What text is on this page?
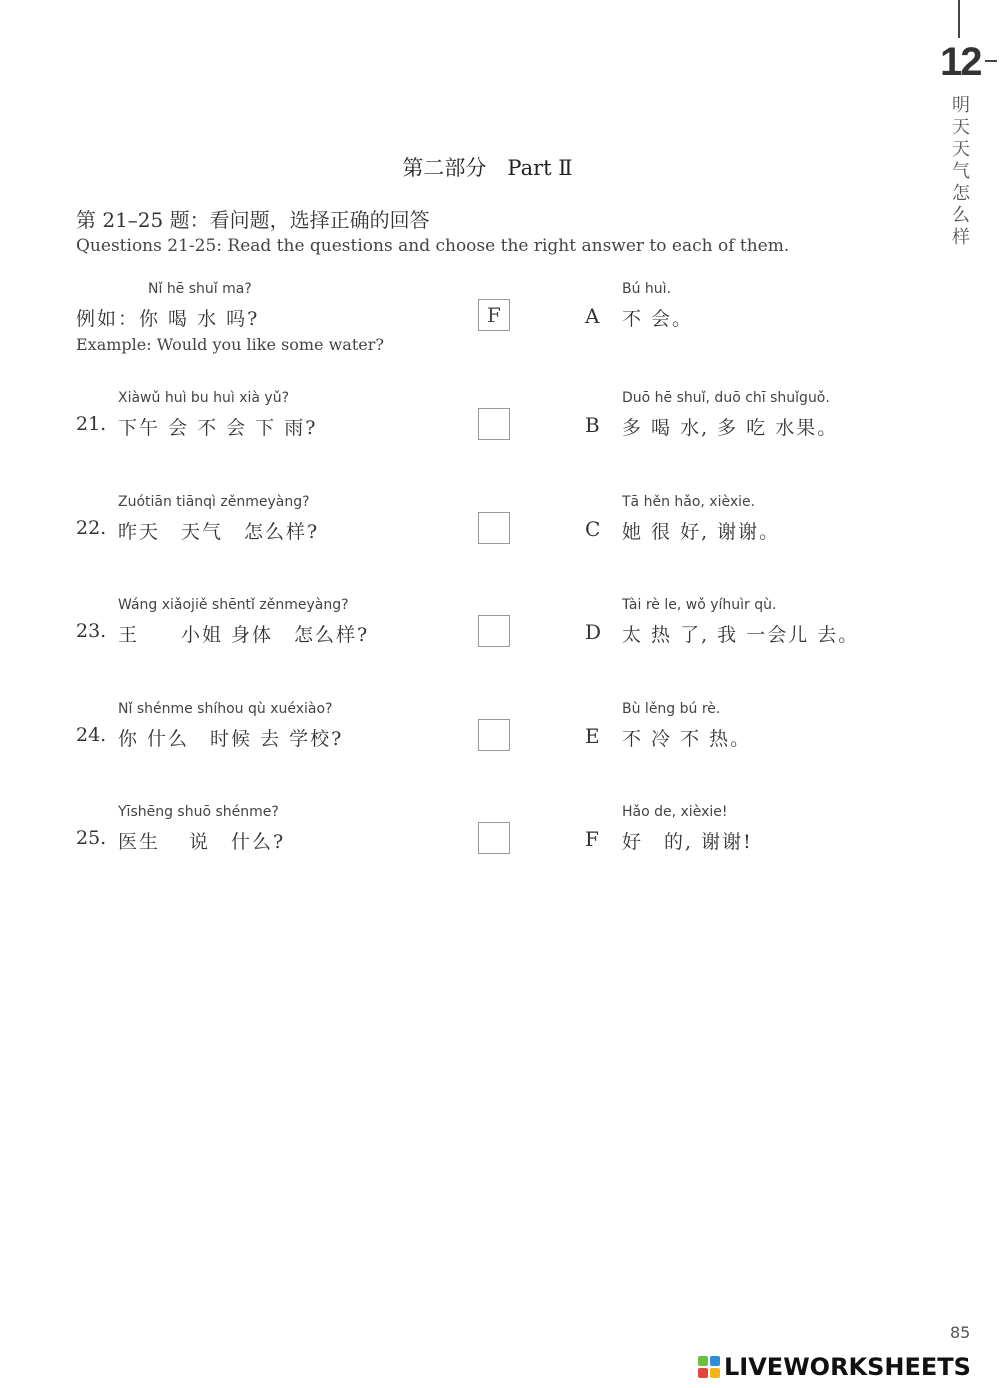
12
明天天气怎么样
第二部分　Part Ⅱ
第 21–25 题：看问题，选择正确的回答
Questions 21-25: Read the questions and choose the right answer to each of them.
Nǐ hē shuǐ ma?
例如：你 喝 水 吗?
Example: Would you like some water?
F
Xiàwǔ huì bu huì xià yǔ?
21. 下午 会 不 会 下 雨?
Zuótiān tiānqì zěnmeyàng?
22. 昨天　天气　怎么样?
Wáng xiǎojiě shēntǐ zěnmeyàng?
23. 王　　小姐 身体　怎么样?
Nǐ shénme shíhou qù xuéxiào?
24. 你 什么　时候 去 学校?
Yīshēng shuō shénme?
25. 医生　 说　什么?
Bú huì.
A 不 会。
Duō hē shuǐ, duō chī shuǐguǒ.
B 多 喝 水, 多 吃 水果。
Tā hěn hǎo, xièxie.
C 她 很 好, 谢谢。
Tài rè le, wǒ yíhuìr qù.
D 太 热 了, 我 一会儿 去。
Bù lěng bú rè.
E 不 冷 不 热。
Hǎo de, xièxie!
F 好　的, 谢谢!
85
LIVEWORKSHEETS
